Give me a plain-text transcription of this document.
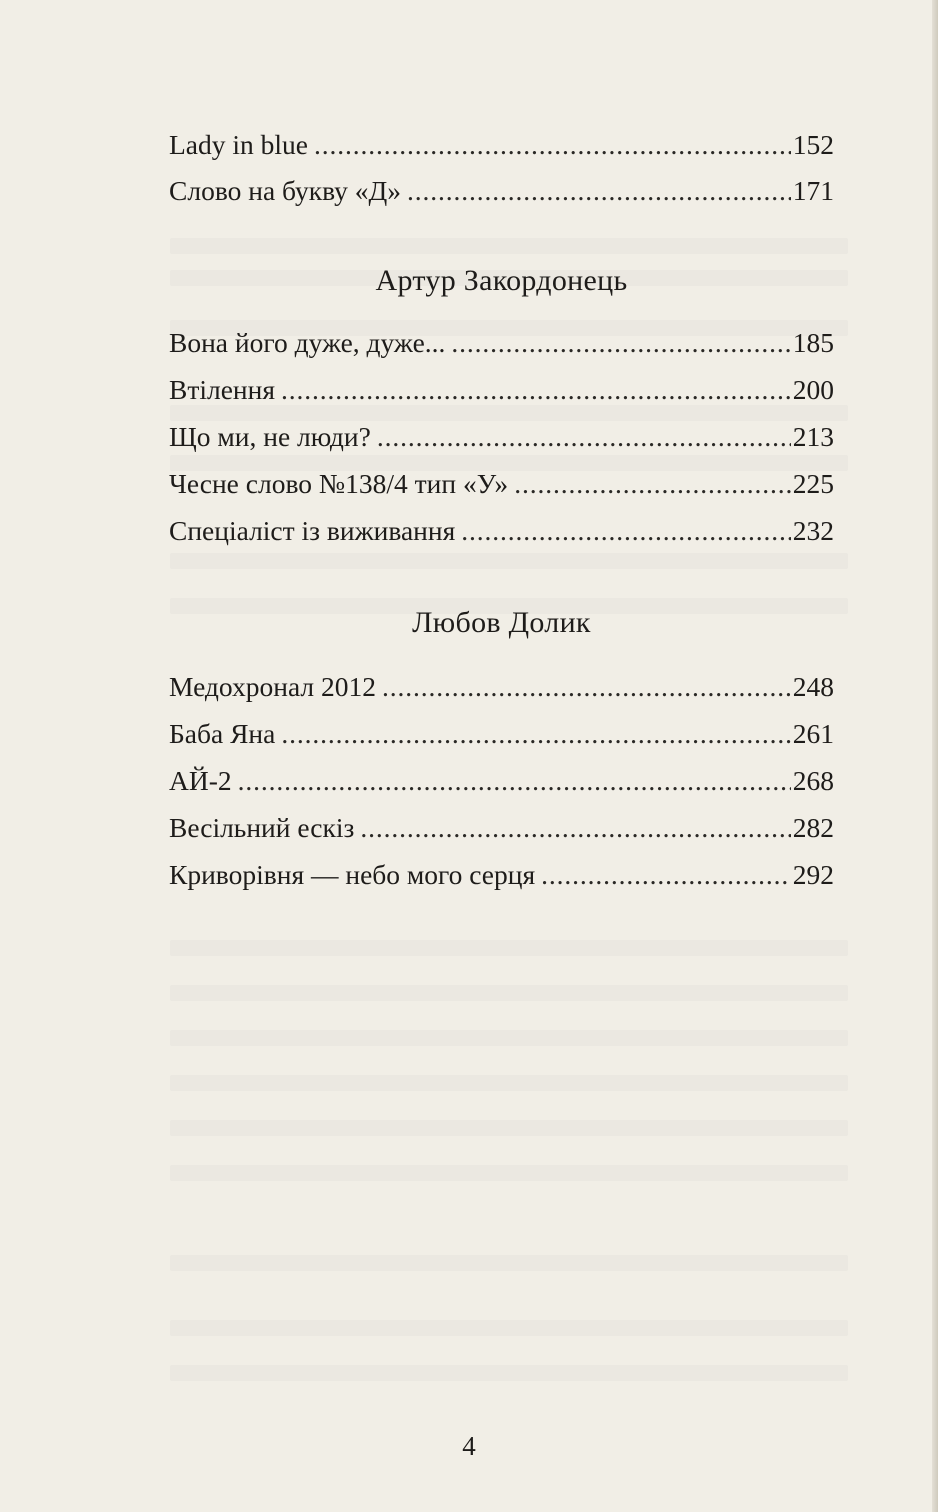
Lady in blue . . .	152
Слово на букву «Д» . . .	171
Артур Закордонець
Вона його дуже, дуже... . . .	185
Втілення . . .	200
Що ми, не люди? . . .	213
Чесне слово №138/4 тип «У» . . .	225
Спеціаліст із виживання . . .	232
Любов Долик
Медохронал 2012 . . .	248
Баба Яна . . .	261
АЙ-2 . . .	268
Весільний ескіз . . .	282
Криворівня — небо мого серця . . .	292
4
